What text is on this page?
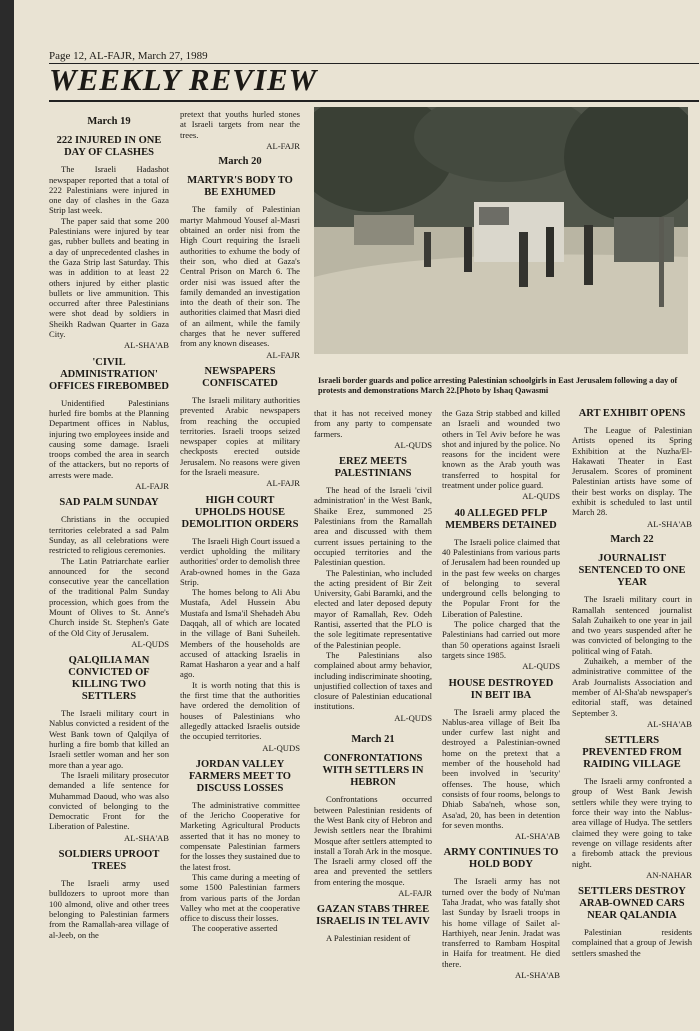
Page 12, AL-FAJR, March 27, 1989
WEEKLY REVIEW
March 19
222 INJURED IN ONE DAY OF CLASHES

The Israeli Hadashot newspaper reported that a total of 222 Palestinians were injured in one day of clashes in the Gaza Strip last week.

The paper said that some 200 Palestinians were injured by tear gas, rubber bullets and beating in a day of unprecedented clashes in the Gaza Strip last Saturday. This was in addition to at least 22 others injured by either plastic bullets or live ammunition. This occurred after three Palestinians were shot dead by soldiers in Sheikh Radwan Quarter in Gaza City.

AL-SHA'AB
'CIVIL ADMINISTRATION' OFFICES FIREBOMBED

Unidentified Palestinians hurled fire bombs at the Planning Department offices in Nablus, injuring two employees inside and causing some damage. Israeli troops combed the area in search of the attackers, but no reports of arrests were made.

AL-FAJR
SAD PALM SUNDAY

Christians in the occupied territories celebrated a sad Palm Sunday, as all celebrations were restricted to religious ceremonies.

The Latin Patriarchate earlier announced for the second consecutive year the cancellation of the traditional Palm Sunday procession, which goes from the Mount of Olives to St. Anne's Church inside St. Stephen's Gate of the Old City of Jerusalem.

AL-QUDS
QALQILIA MAN CONVICTED OF KILLING TWO SETTLERS

The Israeli military court in Nablus convicted a resident of the West Bank town of Qalqilya of hurling a fire bomb that killed an Israeli settler woman and her son more than a year ago.

The Israeli military prosecutor demanded a life sentence for Muhammad Daoud, who was also convicted of belonging to the Democratic Front for the Liberation of Palestine.

AL-SHA'AB
SOLDIERS UPROOT TREES

The Israeli army used bulldozers to uproot more than 100 almond, olive and other trees belonging to Palestinian farmers from the Ramallah-area village of al-Jeeb, on the

pretext that youths hurled stones at Israeli targets from near the trees.

AL-FAJR
March 20
MARTYR'S BODY TO BE EXHUMED

The family of Palestinian martyr Mahmoud Yousef al-Masri obtained an order nisi from the High Court requiring the Israeli authorities to exhume the body of their son, who died at Gaza's Central Prison on March 6. The order nisi was issued after the family demanded an investigation into the death of their son. The authorities claimed that Masri died of an ailment, while the family charges that he never suffered from any known diseases.

AL-FAJR
NEWSPAPERS CONFISCATED

The Israeli military authorities prevented Arabic newspapers from reaching the occupied territories. Israeli troops seized newspaper copies at military checkposts erected outside Jerusalem. No reasons were given for the Israeli measure.

AL-FAJR
HIGH COURT UPHOLDS HOUSE DEMOLITION ORDERS

The Israeli High Court issued a verdict upholding the military authorities' order to demolish three Arab-owned homes in the Gaza Strip.

The homes belong to Ali Abu Mustafa, Adel Hussein Abu Mustafa and Isma'il Shehadeh Abu Daqqah, all of which are located in the village of Bani Suheileh. Members of the households are accused of attacking Israelis in Ramat Hasharon a year and a half ago.

It is worth noting that this is the first time that the authorities have ordered the demolition of houses of Palestinians who allegedly attacked Israelis outside the occupied territories.

AL-QUDS
JORDAN VALLEY FARMERS MEET TO DISCUSS LOSSES

The administrative committee of the Jericho Cooperative for Marketing Agricultural Products asserted that it has no money to compensate Palestinian farmers for the losses they sustained due to the latest frost.

This came during a meeting of some 1500 Palestinian farmers from various parts of the Jordan Valley who met at the cooperative office to discuss their losses.

The cooperative asserted

Israeli border guards and police arresting Palestinian schoolgirls in East Jerusalem following a day of protests and demonstrations March 22.[Photo by Ishaq Qawasmi

that it has not received money from any party to compensate farmers.

AL-QUDS
EREZ MEETS PALESTINIANS

The head of the Israeli 'civil administration' in the West Bank, Shaike Erez, summoned 25 Palestinians from the Ramallah area and discussed with them current issues pertaining to the occupied territories and the Palestinian question.

The Palestinian, who included the acting president of Bir Zeit University, Gabi Baramki, and the elected and later deposed deputy mayor of Ramallah, Rev. Odeh Rantisi, asserted that the PLO is the sole legitimate representative of the Palestinian people.

The Palestinians also complained about army behavior, including indiscriminate shooting, unjustified collection of taxes and closure of Palestinian educational institutions.

AL-QUDS
March 21
CONFRONTATIONS WITH SETTLERS IN HEBRON

Confrontations occurred between Palestinian residents of the West Bank city of Hebron and Jewish settlers near the Ibrahimi Mosque after settlers attempted to install a Torah Ark in the mosque. The Israeli army closed off the area and prevented the settlers from entering the mosque.

AL-FAJR
GAZAN STABS THREE ISRAELIS IN TEL AVIV

A Palestinian resident of

the Gaza Strip stabbed and killed an Israeli and wounded two others in Tel Aviv before he was shot and injured by the police. No reasons for the incident were known as the Arab youth was transferred to hospital for treatment under police guard.

AL-QUDS
40 ALLEGED PFLP MEMBERS DETAINED

The Israeli police claimed that 40 Palestinians from various parts of Jerusalem had been rounded up in the past few weeks on charges of belonging to several underground cells belonging to the Popular Front for the Liberation of Palestine.

The police charged that the Palestinians had carried out more than 50 operations against Israeli targets since 1985.

AL-QUDS
HOUSE DESTROYED IN BEIT IBA

The Israeli army placed the Nablus-area village of Beit Iba under curfew last night and destroyed a Palestinian-owned home on the pretext that a member of the household had been involved in 'security' offenses. The house, which consists of four rooms, belongs to Dhiab Saba'neh, whose son, Asa'ad, 20, has been in detention for seven months.

AL-SHA'AB
ARMY CONTINUES TO HOLD BODY

The Israeli army has not turned over the body of Nu'man Taha Jradat, who was fatally shot last Sunday by Israeli troops in his home village of Sailet al-Harthiyeh, near Jenin. Jradat was transferred to Rambam Hospital in Haifa for treatment. He died there.

AL-SHA'AB
ART EXHIBIT OPENS

The League of Palestinian Artists opened its Spring Exhibition at the Nuzha/El-Hakawati Theater in East Jerusalem. Scores of prominent Palestinian artists have some of their best works on display. The exhibit is scheduled to last until March 28.

AL-SHA'AB
March 22
JOURNALIST SENTENCED TO ONE YEAR

The Israeli military court in Ramallah sentenced journalist Salah Zuhaikeh to one year in jail and two years suspended after he was convicted of belonging to the political wing of Fatah.

Zuhaikeh, a member of the administrative committee of the Arab Journalists Association and member of Al-Sha'ab newspaper's editorial staff, was detained September 3.

AL-SHA'AB
SETTLERS PREVENTED FROM RAIDING VILLAGE

The Israeli army confronted a group of West Bank Jewish settlers while they were trying to force their way into the Nablus-area village of Hudya. The settlers claimed they were going to take revenge on village residents after a firebomb attack the previous night.

AN-NAHAR
SETTLERS DESTROY ARAB-OWNED CARS NEAR QALANDIA

Palestinian residents complained that a group of Jewish settlers smashed the
